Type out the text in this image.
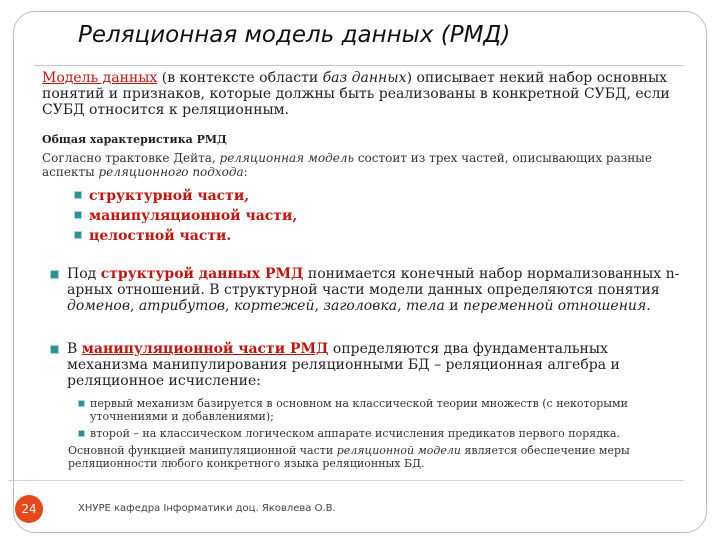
Реляционная модель данных (РМД)
Модель данных (в контексте области баз данных) описывает некий набор основных понятий и признаков, которые должны быть реализованы в конкретной СУБД, если СУБД относится к реляционным.
Общая характеристика РМД
Согласно трактовке Дейта, реляционная модель состоит из трех частей, описывающих разные аспекты реляционного подхода:
структурной части,
манипуляционной части,
целостной части.
Под структурой данных РМД понимается конечный набор нормализованных n-арных отношений. В структурной части модели данных определяются понятия доменов, атрибутов, кортежей, заголовка, тела и переменной отношения.
В манипуляционной части РМД определяются два фундаментальных механизма манипулирования реляционными БД – реляционная алгебра и реляционное исчисление:
первый механизм базируется в основном на классической теории множеств (с некоторыми уточнениями и добавлениями);
второй – на классическом логическом аппарате исчисления предикатов первого порядка.
Основной функцией манипуляционной части реляционной модели является обеспечение меры реляционности любого конкретного языка реляционных БД.
24	ХНУРЕ кафедра Інформатики доц. Яковлева О.В.
